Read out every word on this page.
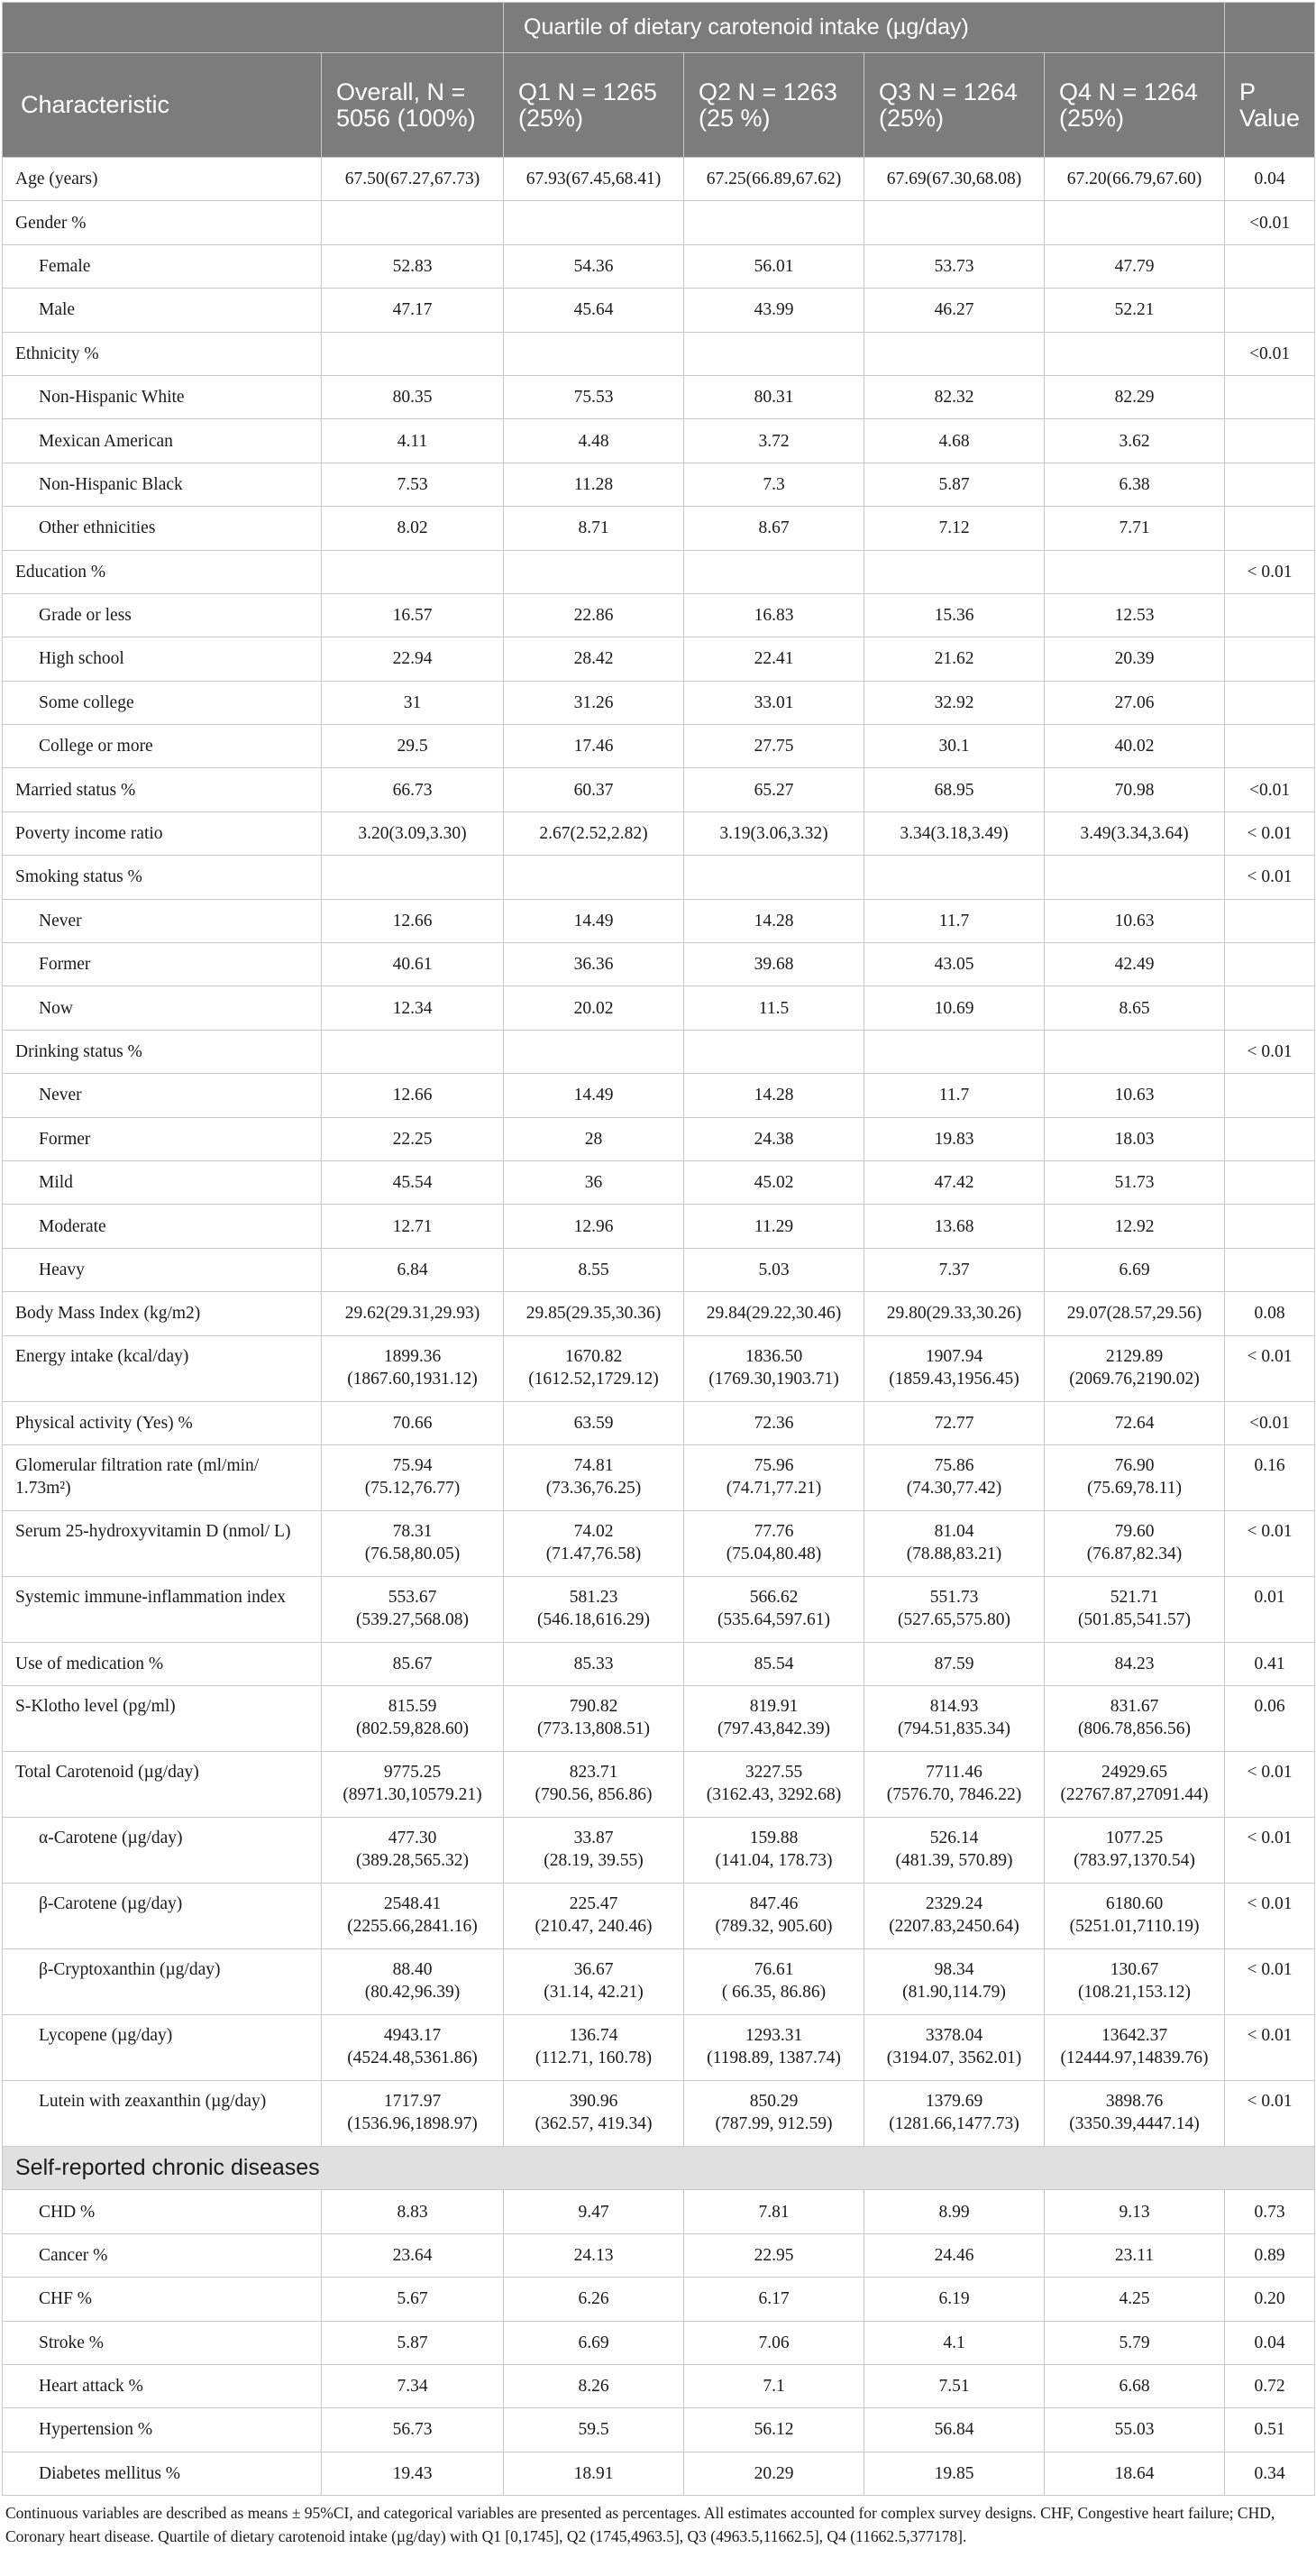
		Quartile of dietary carotenoid intake (µg/day)				
Characteristic	Overall, N = 5056 (100%)	Q1 N = 1265 (25%)	Q2 N = 1263 (25 %)	Q3 N = 1264 (25%)	Q4 N = 1264 (25%)	P Value
Age (years)	67.50(67.27,67.73)	67.93(67.45,68.41)	67.25(66.89,67.62)	67.69(67.30,68.08)	67.20(66.79,67.60)	0.04
Gender %						<0.01
Female	52.83	54.36	56.01	53.73	47.79	
Male	47.17	45.64	43.99	46.27	52.21	
Ethnicity %						<0.01
Non-Hispanic White	80.35	75.53	80.31	82.32	82.29	
Mexican American	4.11	4.48	3.72	4.68	3.62	
Non-Hispanic Black	7.53	11.28	7.3	5.87	6.38	
Other ethnicities	8.02	8.71	8.67	7.12	7.71	
Education %						< 0.01
Grade or less	16.57	22.86	16.83	15.36	12.53	
High school	22.94	28.42	22.41	21.62	20.39	
Some college	31	31.26	33.01	32.92	27.06	
College or more	29.5	17.46	27.75	30.1	40.02	
Married status %	66.73	60.37	65.27	68.95	70.98	<0.01
Poverty income ratio	3.20(3.09,3.30)	2.67(2.52,2.82)	3.19(3.06,3.32)	3.34(3.18,3.49)	3.49(3.34,3.64)	< 0.01
Smoking status %						< 0.01
Never	12.66	14.49	14.28	11.7	10.63	
Former	40.61	36.36	39.68	43.05	42.49	
Now	12.34	20.02	11.5	10.69	8.65	
Drinking status %						< 0.01
Never	12.66	14.49	14.28	11.7	10.63	
Former	22.25	28	24.38	19.83	18.03	
Mild	45.54	36	45.02	47.42	51.73	
Moderate	12.71	12.96	11.29	13.68	12.92	
Heavy	6.84	8.55	5.03	7.37	6.69	
Body Mass Index (kg/m2)	29.62(29.31,29.93)	29.85(29.35,30.36)	29.84(29.22,30.46)	29.80(29.33,30.26)	29.07(28.57,29.56)	0.08
Energy intake (kcal/day)	1899.36
(1867.60,1931.12)	1670.82
(1612.52,1729.12)	1836.50
(1769.30,1903.71)	1907.94
(1859.43,1956.45)	2129.89
(2069.76,2190.02)	< 0.01
Physical activity (Yes) %	70.66	63.59	72.36	72.77	72.64	<0.01
Glomerular filtration rate (ml/min/ 1.73m²)	75.94
(75.12,76.77)	74.81
(73.36,76.25)	75.96
(74.71,77.21)	75.86
(74.30,77.42)	76.90
(75.69,78.11)	0.16
Serum 25-hydroxyvitamin D (nmol/ L)	78.31
(76.58,80.05)	74.02
(71.47,76.58)	77.76
(75.04,80.48)	81.04
(78.88,83.21)	79.60
(76.87,82.34)	< 0.01
Systemic immune-inflammation index	553.67
(539.27,568.08)	581.23
(546.18,616.29)	566.62
(535.64,597.61)	551.73
(527.65,575.80)	521.71
(501.85,541.57)	0.01
Use of medication %	85.67	85.33	85.54	87.59	84.23	0.41
S-Klotho level (pg/ml)	815.59
(802.59,828.60)	790.82
(773.13,808.51)	819.91
(797.43,842.39)	814.93
(794.51,835.34)	831.67
(806.78,856.56)	0.06
Total Carotenoid (µg/day)	9775.25
(8971.30,10579.21)	823.71
(790.56, 856.86)	3227.55
(3162.43, 3292.68)	7711.46
(7576.70, 7846.22)	24929.65
(22767.87,27091.44)	< 0.01
α-Carotene (µg/day)	477.30
(389.28,565.32)	33.87
(28.19, 39.55)	159.88
(141.04, 178.73)	526.14
(481.39, 570.89)	1077.25
(783.97,1370.54)	< 0.01
β-Carotene (µg/day)	2548.41
(2255.66,2841.16)	225.47
(210.47, 240.46)	847.46
(789.32, 905.60)	2329.24
(2207.83,2450.64)	6180.60
(5251.01,7110.19)	< 0.01
β-Cryptoxanthin (µg/day)	88.40
(80.42,96.39)	36.67
(31.14, 42.21)	76.61
( 66.35, 86.86)	98.34
(81.90,114.79)	130.67
(108.21,153.12)	< 0.01
Lycopene (µg/day)	4943.17
(4524.48,5361.86)	136.74
(112.71, 160.78)	1293.31
(1198.89, 1387.74)	3378.04
(3194.07, 3562.01)	13642.37
(12444.97,14839.76)	< 0.01
Lutein with zeaxanthin (µg/day)	1717.97
(1536.96,1898.97)	390.96
(362.57, 419.34)	850.29
(787.99, 912.59)	1379.69
(1281.66,1477.73)	3898.76
(3350.39,4447.14)	< 0.01
Self-reported chronic diseases						
CHD %	8.83	9.47	7.81	8.99	9.13	0.73
Cancer %	23.64	24.13	22.95	24.46	23.11	0.89
CHF %	5.67	6.26	6.17	6.19	4.25	0.20
Stroke %	5.87	6.69	7.06	4.1	5.79	0.04
Heart attack %	7.34	8.26	7.1	7.51	6.68	0.72
Hypertension %	56.73	59.5	56.12	56.84	55.03	0.51
Diabetes mellitus %	19.43	18.91	20.29	19.85	18.64	0.34

Continuous variables are described as means ± 95%CI, and categorical variables are presented as percentages. All estimates accounted for complex survey designs. CHF, Congestive heart failure; CHD, Coronary heart disease. Quartile of dietary carotenoid intake (µg/day) with Q1 [0,1745], Q2 (1745,4963.5], Q3 (4963.5,11662.5], Q4 (11662.5,377178].
